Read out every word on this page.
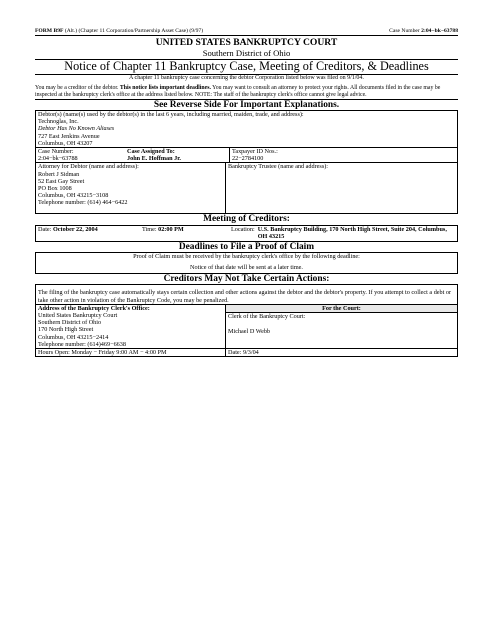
FORM B9F (Alt.) (Chapter 11 Corporation/Partnership Asset Case) (9/97)	Case Number 2:04−bk−63788
UNITED STATES BANKRUPTCY COURT
Southern District of Ohio
Notice of Chapter 11 Bankruptcy Case, Meeting of Creditors, & Deadlines
A chapter 11 bankruptcy case concerning the debtor Corporation listed below was filed on 9/1/04.
You may be a creditor of the debtor. This notice lists important deadlines. You may want to consult an attorney to protect your rights. All documents filed in the case may be inspected at the bankruptcy clerk's office at the address listed below. NOTE: The staff of the bankruptcy clerk's office cannot give legal advice.
See Reverse Side For Important Explanations.
Debtor(s) (name(s) used by the debtor(s) in the last 6 years, including married, maiden, trade, and address):
Technoglas, Inc.
Debtor Has No Known Aliases
727 East Jenkins Avenue
Columbus, OH 43207
Case Number:
2:04−bk−63788
Case Assigned To:
John E. Hoffman Jr.
Taxpayer ID Nos.:
22−2784100
Attorney for Debtor (name and address):
Robert J Sidman
52 East Gay Street
PO Box 1008
Columbus, OH 43215−3108
Telephone number: (614) 464−6422
Bankruptcy Trustee (name and address):
Meeting of Creditors:
Date: October 22, 2004	Time: 02:00 PM	Location: U.S. Bankruptcy Building, 170 North High Street, Suite 204, Columbus, OH 43215
Deadlines to File a Proof of Claim
Proof of Claim must be received by the bankruptcy clerk's office by the following deadline:
Notice of that date will be sent at a later time.
Creditors May Not Take Certain Actions:
The filing of the bankruptcy case automatically stays certain collection and other actions against the debtor and the debtor's property. If you attempt to collect a debt or take other action in violation of the Bankruptcy Code, you may be penalized.
Address of the Bankruptcy Clerk's Office:
United States Bankruptcy Court
Southern District of Ohio
170 North High Street
Columbus, OH 43215−2414
Telephone number: (614)469−6638
For the Court:
Clerk of the Bankruptcy Court:
Michael D Webb
Hours Open: Monday − Friday 9:00 AM − 4:00 PM	Date: 9/3/04
